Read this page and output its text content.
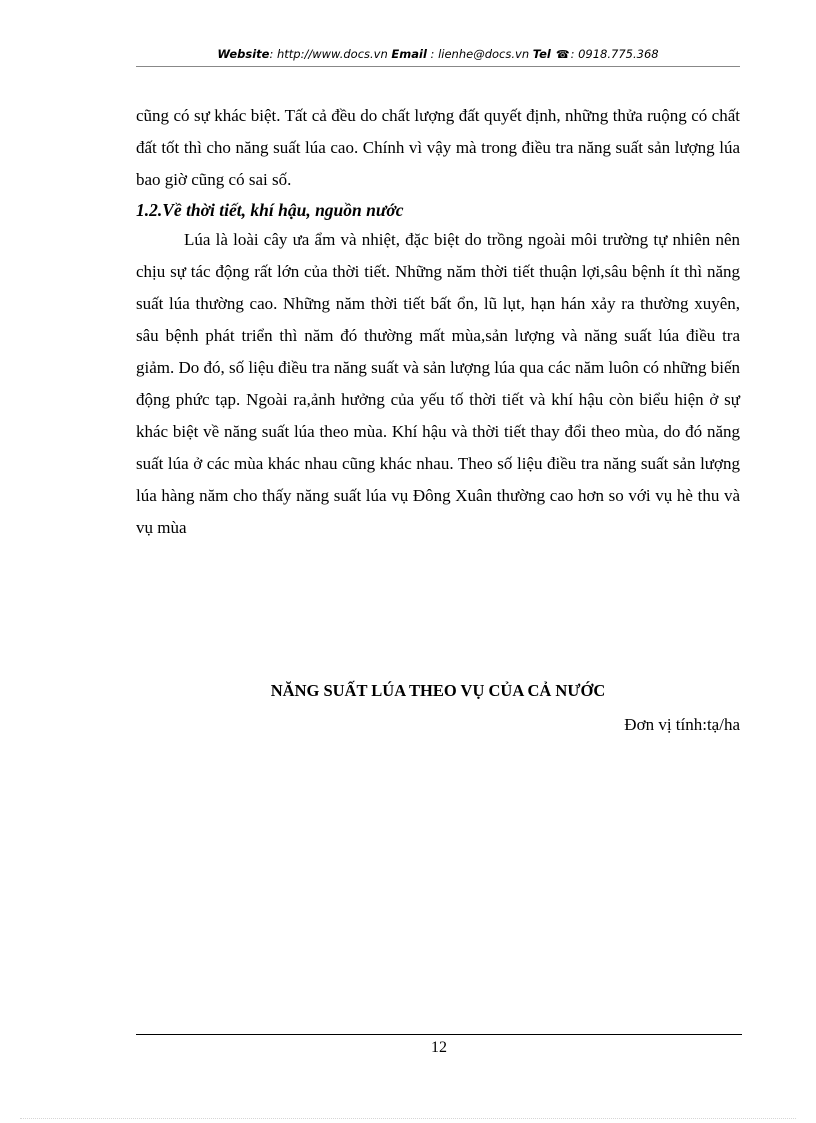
Website: http://www.docs.vn Email : lienhe@docs.vn Tel ☎: 0918.775.368

cũng có sự khác biệt. Tất cả đều do chất lượng đất quyết định, những thửa ruộng có chất đất tốt thì cho năng suất lúa cao. Chính vì vậy mà trong điều tra năng suất sản lượng lúa bao giờ cũng có sai số.

1.2.Về thời tiết, khí hậu, nguồn nước

Lúa là loài cây ưa ẩm và nhiệt, đặc biệt do trồng ngoài môi trường tự nhiên nên chịu sự tác động rất lớn của thời tiết. Những năm thời tiết thuận lợi,sâu bệnh ít thì năng suất lúa thường cao. Những năm thời tiết bất ổn, lũ lụt, hạn hán xảy ra thường xuyên, sâu bệnh phát triển thì năm đó thường mất mùa,sản lượng và năng suất lúa điều tra giảm. Do đó, số liệu điều tra năng suất và sản lượng lúa qua các năm luôn có những biến động phức tạp. Ngoài ra,ảnh hưởng của yếu tố thời tiết và khí hậu còn biểu hiện ở sự khác biệt về năng suất lúa theo mùa. Khí hậu và thời tiết thay đổi theo mùa, do đó năng suất lúa ở các mùa khác nhau cũng khác nhau. Theo số liệu điều tra năng suất sản lượng lúa hàng năm cho thấy năng suất lúa vụ Đông Xuân thường cao hơn so với vụ hè thu và vụ mùa

NĂNG SUẤT LÚA THEO VỤ CỦA CẢ NƯỚC
Đơn vị tính:tạ/ha
12
